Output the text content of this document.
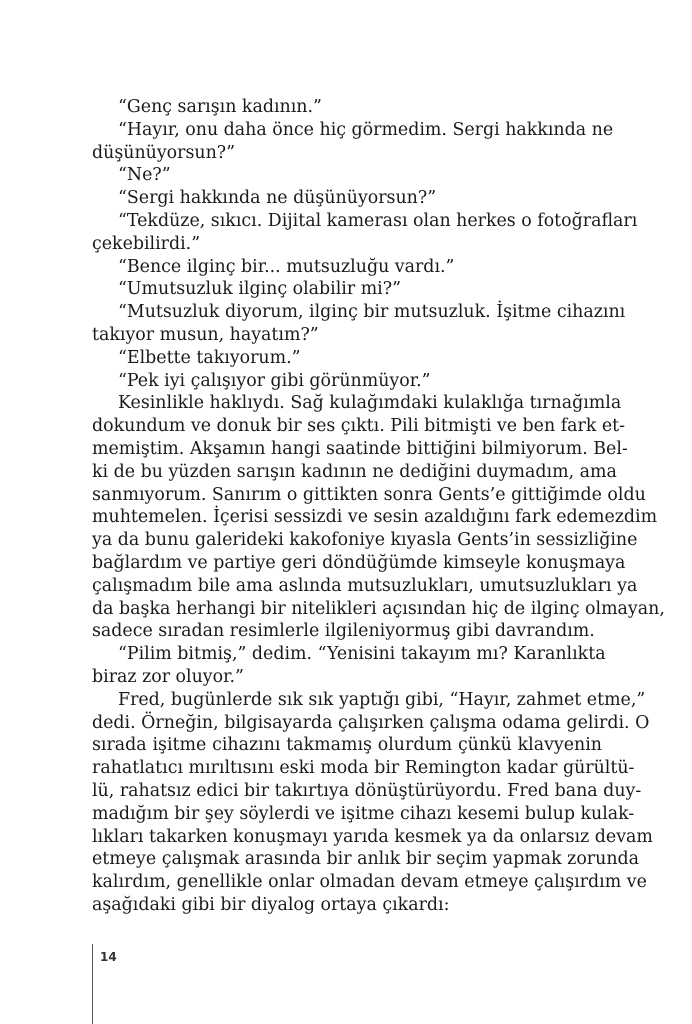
“Genç sarışın kadının.”
“Hayır, onu daha önce hiç görmedim. Sergi hakkında ne
düşünüyorsun?”
“Ne?”
“Sergi hakkında ne düşünüyorsun?”
“Tekdüze, sıkıcı. Dijital kamerası olan herkes o fotoğrafları
çekebilirdi.”
“Bence ilginç bir... mutsuzluğu vardı.”
“Umutsuzluk ilginç olabilir mi?”
“Mutsuzluk diyorum, ilginç bir mutsuzluk. İşitme cihazını
takıyor musun, hayatım?”
“Elbette takıyorum.”
“Pek iyi çalışıyor gibi görünmüyor.”
Kesinlikle haklıydı. Sağ kulağımdaki kulaklığa tırnağımla
dokundum ve donuk bir ses çıktı. Pili bitmişti ve ben fark et-
memiştim. Akşamın hangi saatinde bittiğini bilmiyorum. Bel-
ki de bu yüzden sarışın kadının ne dediğini duymadım, ama
sanmıyorum. Sanırım o gittikten sonra Gents’e gittiğimde oldu
muhtemelen. İçerisi sessizdi ve sesin azaldığını fark edemezdim
ya da bunu galerideki kakofoniye kıyasla Gents’in sessizliğine
bağlardım ve partiye geri döndüğümde kimseyle konuşmaya
çalışmadım bile ama aslında mutsuzlukları, umutsuzlukları ya
da başka herhangi bir nitelikleri açısından hiç de ilginç olmayan,
sadece sıradan resimlerle ilgileniyormuş gibi davrandım.
“Pilim bitmiş,” dedim. “Yenisini takayım mı? Karanlıkta
biraz zor oluyor.”
Fred, bugünlerde sık sık yaptığı gibi, “Hayır, zahmet etme,”
dedi. Örneğin, bilgisayarda çalışırken çalışma odama gelirdi. O
sırada işitme cihazını takmamış olurdum çünkü klavyenin
rahatlatıcı mırıltısını eski moda bir Remington kadar gürültü-
lü, rahatsız edici bir takırtıya dönüştürüyordu. Fred bana duy-
madığım bir şey söylerdi ve işitme cihazı kesemi bulup kulak-
lıkları takarken konuşmayı yarıda kesmek ya da onlarsız devam
etmeye çalışmak arasında bir anlık bir seçim yapmak zorunda
kalırdım, genellikle onlar olmadan devam etmeye çalışırdım ve
aşağıdaki gibi bir diyalog ortaya çıkardı:
14
